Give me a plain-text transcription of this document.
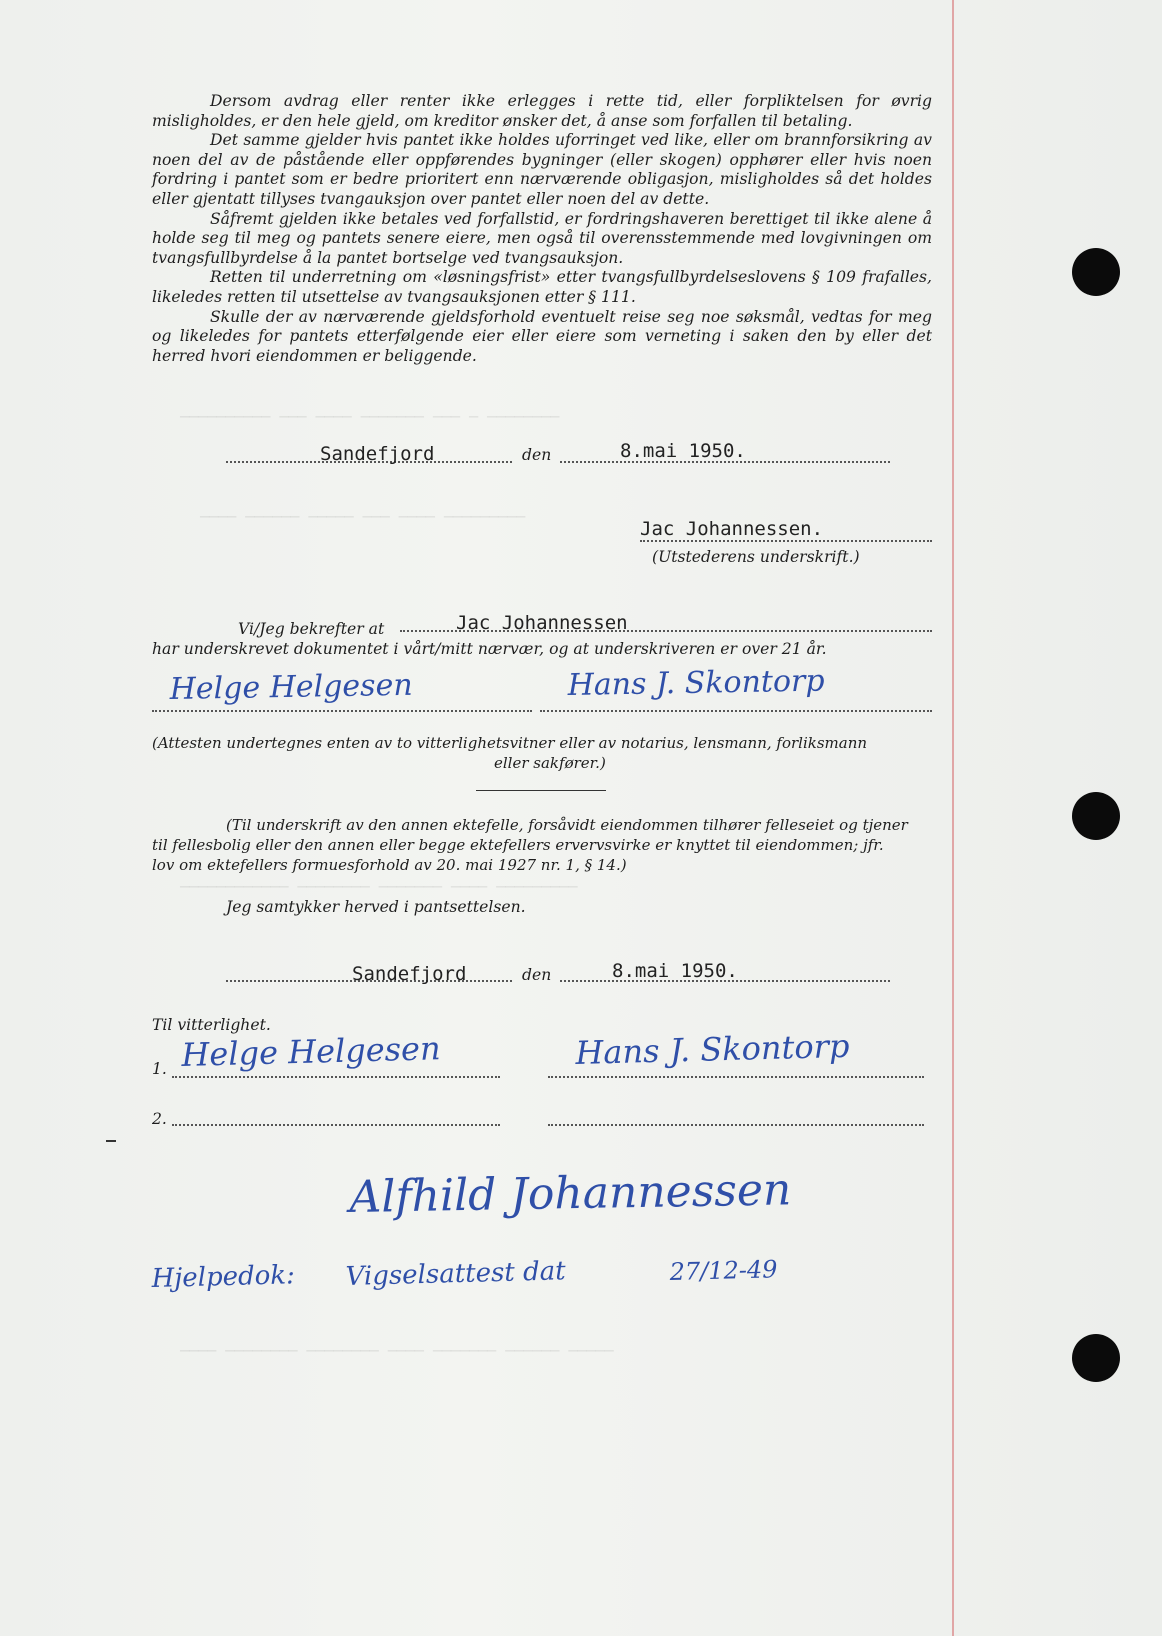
────────── ─── ──── ─────── ─── ─ ────────
──── ────── ───── ─── ──── ─────────
──────────── ──────── ─────── ──── ─────────
──── ──────── ──────── ──── ─────── ────── ─────

Dersom avdrag eller renter ikke erlegges i rette tid, eller forpliktelsen for øvrig misligholdes, er den hele gjeld, om kreditor ønsker det, å anse som forfallen til betaling.

Det samme gjelder hvis pantet ikke holdes uforringet ved like, eller om brannforsikring av noen del av de påstående eller oppførendes bygninger (eller skogen) opphører eller hvis noen fordring i pantet som er bedre prioritert enn nærværende obligasjon, misligholdes så det holdes eller gjentatt tillyses tvangauksjon over pantet eller noen del av dette.

Såfremt gjelden ikke betales ved forfallstid, er fordringshaveren berettiget til ikke alene å holde seg til meg og pantets senere eiere, men også til overensstemmende med lovgivningen om tvangsfullbyrdelse å la pantet bortselge ved tvangsauksjon.

Retten til underretning om «løsningsfrist» etter tvangsfullbyrdelseslovens § 109 frafalles, likeledes retten til utsettelse av tvangsauksjonen etter § 111.

Skulle der av nærværende gjeldsforhold eventuelt reise seg noe søksmål, vedtas for meg og likeledes for pantets etterfølgende eier eller eiere som verneting i saken den by eller det herred hvori eiendommen er beliggende.

Sandefjord	den	8.mai 1950.
Jac Johannessen.
(Utstederens underskrift.)
Vi/Jeg bekrefter at	Jac Johannessen
har underskrevet dokumentet i vårt/mitt nærvær, og at underskriveren er over 21 år.
Helge Helgesen	Hans J. Skontorp
(Attesten undertegnes enten av to vitterlighetsvitner eller av notarius, lensmann, forliksmann
eller sakfører.)
(Til underskrift av den annen ektefelle, forsåvidt eiendommen tilhører felleseiet og tjener
til fellesbolig eller den annen eller begge ektefellers ervervsvirke er knyttet til eiendommen; jfr.
lov om ektefellers formuesforhold av 20. mai 1927 nr. 1, § 14.)
Jeg samtykker herved i pantsettelsen.
Sandefjord	den	8.mai 1950.
Til vitterlighet.
1. Helge Helgesen	Hans J. Skontorp
2.
Alfhild Johannessen
Hjelpedok: Vigselsattest dat	27/12-49
